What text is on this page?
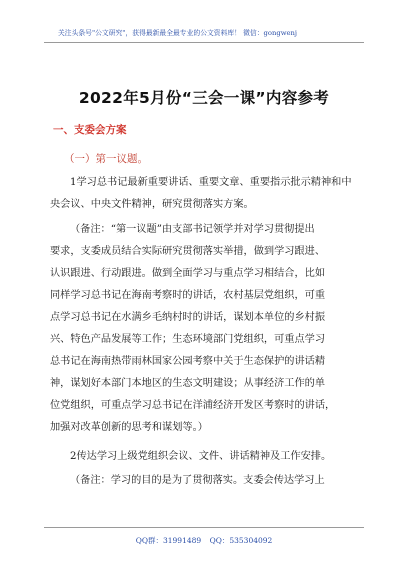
关注头条号"公文研究"，获得最新最全最专业的公文资料库！ 微信：gongwenj
2022年5月份“三会一课”内容参考
一、支委会方案
（一）第一议题。
1学习总书记最新重要讲话、重要文章、重要指示批示精神和中
央会议、中央文件精神，研究贯彻落实方案。
（备注：“第一议题”由支部书记领学并对学习贯彻提出
要求，支委成员结合实际研究贯彻落实举措，做到学习跟进、
认识跟进、行动跟进。做到全面学习与重点学习相结合，比如
同样学习总书记在海南考察时的讲话，农村基层党组织，可重
点学习总书记在水满乡毛纳村时的讲话，谋划本单位的乡村振
兴、特色产品发展等工作；生态环境部门党组织，可重点学习
总书记在海南热带雨林国家公园考察中关于生态保护的讲话精
神，谋划好本部门本地区的生态文明建设；从事经济工作的单
位党组织，可重点学习总书记在洋浦经济开发区考察时的讲话，
加强对改革创新的思考和谋划等。）
2传达学习上级党组织会议、文件、讲话精神及工作安排。
（备注：学习的目的是为了贯彻落实。支委会传达学习上
QQ群：31991489 QQ：535304092
